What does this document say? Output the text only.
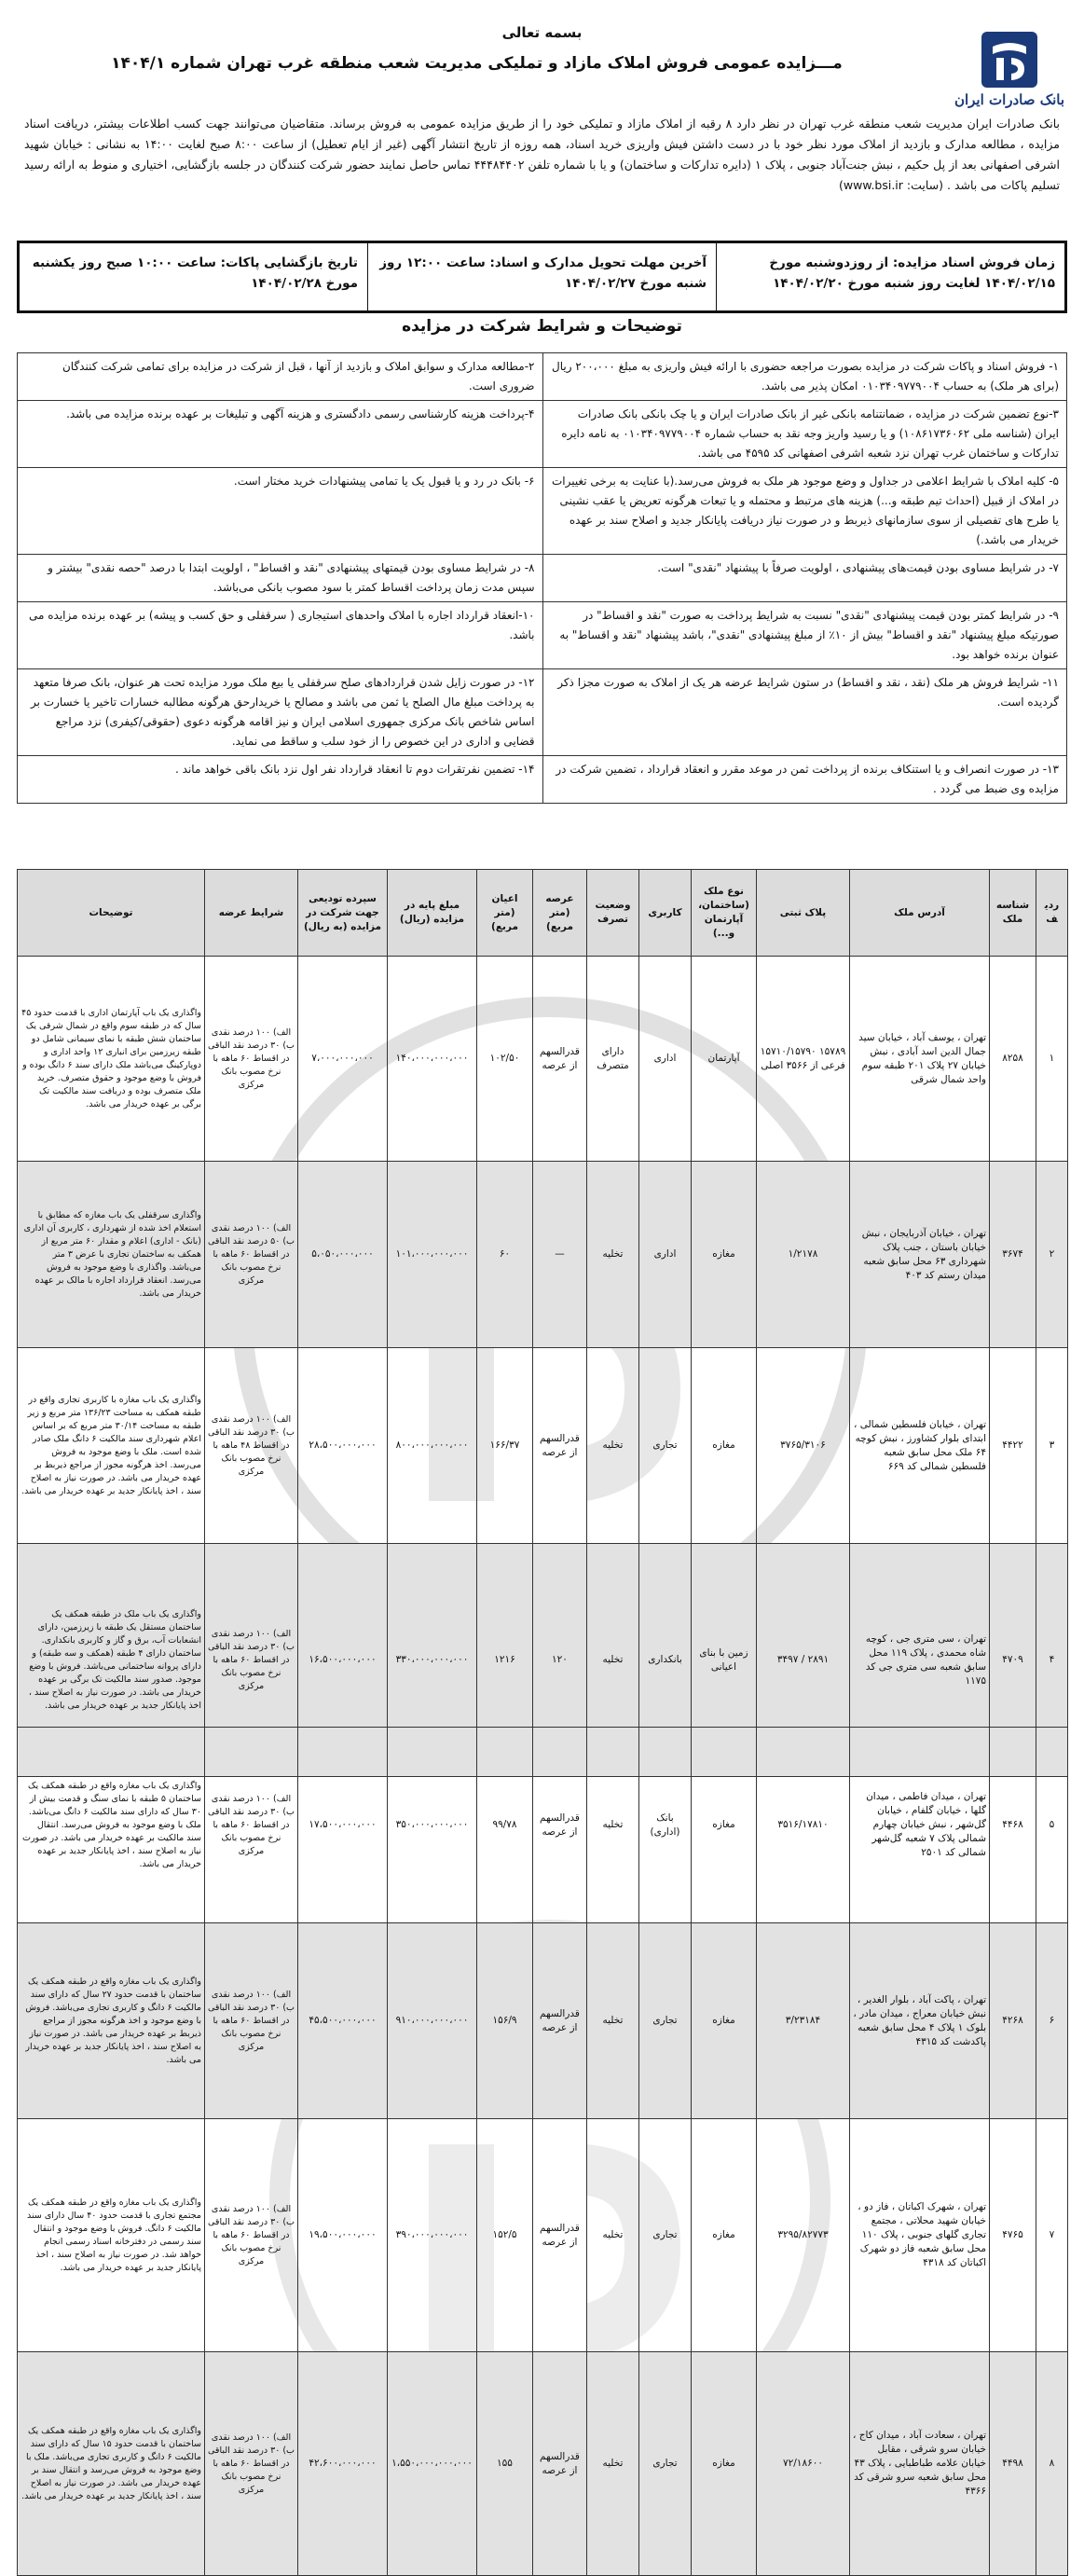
بانک صادرات ایران
بسمه تعالی
مـــزایده عمومی فروش املاک مازاد و تملیکی مدیریت شعب منطقه غرب تهران شماره ۱۴۰۴/۱
بانک صادرات ایران مدیریت شعب منطقه غرب تهران در نظر دارد ۸ رقبه از املاک مازاد و تملیکی خود را از طریق مزایده عمومی به فروش برساند. متقاضیان می‌توانند جهت کسب اطلاعات بیشتر، دریافت اسناد مزایده ، مطالعه مدارک و بازدید از املاک مورد نظر خود با در دست داشتن فیش واریزی خرید اسناد، همه روزه از تاریخ انتشار آگهی (غیر از ایام تعطیل) از ساعت ۸:۰۰ صبح لغایت ۱۴:۰۰ به نشانی : خیابان شهید اشرفی اصفهانی بعد از پل حکیم ، نبش جنت‌آباد جنوبی ، پلاک ۱ (دایره تدارکات و ساختمان) و یا با شماره تلفن ۴۴۴۸۴۴۰۲ تماس حاصل نمایند حضور شرکت کنندگان در جلسه بازگشایی، اختیاری و منوط به ارائه رسید تسلیم پاکات می باشد . (سایت: www.bsi.ir)
زمان فروش اسناد مزایده: از روزدوشنبه مورخ ۱۴۰۴/۰۲/۱۵ لغایت روز شنبه مورخ ۱۴۰۴/۰۲/۲۰
آخرین مهلت تحویل مدارک و اسناد: ساعت ۱۲:۰۰ روز شنبه مورخ ۱۴۰۴/۰۲/۲۷
تاریخ بازگشایی پاکات: ساعت ۱۰:۰۰ صبح روز یکشنبه مورخ ۱۴۰۴/۰۲/۲۸
توضیحات و شرایط شرکت در مزایده
۱- فروش اسناد و پاکات شرکت در مزایده بصورت مراجعه حضوری با ارائه فیش واریزی به مبلغ ۲۰۰،۰۰۰ ریال (برای هر ملک) به حساب ۰۱۰۳۴۰۹۷۷۹۰۰۴ امکان پذیر می باشد.
۲-مطالعه مدارک و سوابق املاک و بازدید از آنها ، قبل از شرکت در مزایده برای تمامی شرکت کنندگان ضروری است.
۳-نوع تضمین شرکت در مزایده ، ضمانتنامه بانکی غیر از بانک صادرات ایران و یا چک بانکی بانک صادرات ایران (شناسه ملی ۱۰۸۶۱۷۳۶۰۶۲) و یا رسید واریز وجه نقد به حساب شماره ۰۱۰۳۴۰۹۷۷۹۰۰۴ به نامه دایره تدارکات و ساختمان غرب تهران نزد شعبه اشرفی اصفهانی کد ۴۵۹۵ می باشد.
۴-پرداخت هزینه کارشناسی رسمی دادگستری و هزینه آگهی و تبلیغات بر عهده برنده مزایده می باشد.
۵- کلیه املاک با شرایط اعلامی در جداول و وضع موجود هر ملک به فروش می‌رسد.(با عنایت به برخی تغییرات در املاک از قبیل (احداث تیم طبقه و...) هزینه های مرتبط و محتمله و یا تبعات هرگونه تعریض یا عقب نشینی یا طرح های تفصیلی از سوی سازمانهای ذیربط و در صورت نیاز دریافت پایانکار جدید و اصلاح سند بر عهده خریدار می باشد.)
۶- بانک در رد و یا قبول یک یا تمامی پیشنهادات خرید مختار است.
۷- در شرایط مساوی بودن قیمت‌های پیشنهادی ، اولویت صرفاً با پیشنهاد "نقدی" است.
۸- در شرایط مساوی بودن قیمتهای پیشنهادی "نقد و اقساط" ، اولویت ابتدا با درصد "حصه نقدی" بیشتر و سپس مدت زمان پرداخت اقساط کمتر با سود مصوب بانکی می‌باشد.
۹- در شرایط کمتر بودن قیمت پیشنهادی "نقدی" نسبت به شرایط پرداخت به صورت "نقد و اقساط" در صورتیکه مبلغ پیشنهاد "نقد و اقساط" بیش از ۱۰٪ از مبلغ پیشنهادی "نقدی"، باشد پیشنهاد "نقد و اقساط" به عنوان برنده خواهد بود.
۱۰-انعقاد قرارداد اجاره با املاک واحدهای استیجاری ( سرقفلی و حق کسب و پیشه) بر عهده برنده مزایده می باشد.
۱۱- شرایط فروش هر ملک (نقد ، نقد و اقساط) در ستون شرایط عرضه هر یک از املاک به صورت مجزا ذکر گردیده است.
۱۲- در صورت زایل شدن قراردادهای صلح سرقفلی یا بیع ملک مورد مزایده تحت هر عنوان، بانک صرفا متعهد به پرداخت مبلغ مال الصلح یا ثمن می باشد و مصالح یا خریدارحق هرگونه مطالبه خسارات تاخیر یا خسارت بر اساس شاخص بانک مرکزی جمهوری اسلامی ایران و نیز اقامه هرگونه دعوی (حقوقی/کیفری) نزد مراجع قضایی و اداری در این خصوص را از خود سلب و ساقط می نماید.
۱۳- در صورت انصراف و یا استنکاف برنده از پرداخت ثمن در موعد مقرر و انعقاد قرارداد ، تضمین شرکت در مزایده وی ضبط می گردد .
۱۴- تضمین نفرتقرات دوم تا انعقاد قرارداد نفر اول نزد بانک باقی خواهد ماند .
ردیف	شناسه ملک	آدرس ملک	پلاک ثبتی	نوع ملک (ساختمان، آپارتمان و...)	کاربری	وضعیت تصرف	عرصه (متر مربع)	اعیان (متر مربع)	مبلغ پایه در مزایده (ریال)	سپرده تودیعی جهت شرکت در مزایده (به ریال)	شرایط عرضه	توضیحات
۱	۸۲۵۸	تهران ، یوسف آباد ، خیابان سید جمال الدین اسد آبادی ، نبش خیابان ۲۷ پلاک ۲۰۱ طبقه سوم واحد شمال شرقی	۱۵۷۸۹ ۱۵۷۱۰/۱۵۷۹۰ فرعی از ۳۵۶۶ اصلی	آپارتمان	اداری	دارای متصرف	قدرالسهم از عرصه	۱۰۲/۵۰	۱۴۰،۰۰۰،۰۰۰،۰۰۰	۷،۰۰۰،۰۰۰،۰۰۰	الف) ۱۰۰ درصد نقدی ب) ۳۰ درصد نقد الباقی در اقساط ۶۰ ماهه با نرخ مصوب بانک مرکزی	واگذاری یک باب آپارتمان اداری با قدمت حدود ۴۵ سال که در طبقه سوم واقع در شمال شرقی یک ساختمان شش طبقه با نمای سیمانی شامل دو طبقه زیرزمین برای انباری ۱۲ واحد اداری و دوپارکینگ می‌باشد ملک دارای سند ۶ دانگ بوده و فروش با وضع موجود و حقوق متصرف. خرید ملک متصرف بوده و دریافت سند مالکیت تک برگی بر عهده خریدار می باشد.
۲	۳۶۷۴	تهران ، خیابان آذربایجان ، نبش خیابان باستان ، جنب پلاک شهرداری ۶۳ محل سابق شعبه میدان رستم کد ۴۰۳	۱/۲۱۷۸	مغازه	اداری	تخلیه	—	۶۰	۱۰۱،۰۰۰،۰۰۰،۰۰۰	۵،۰۵۰،۰۰۰،۰۰۰	الف) ۱۰۰ درصد نقدی ب) ۵۰ درصد نقد الباقی در اقساط ۶۰ ماهه با نرخ مصوب بانک مرکزی	واگذاری سرقفلی یک باب مغازه که مطابق با استعلام اخذ شده از شهرداری ، کاربری آن اداری (بانک - اداری) اعلام و مقدار ۶۰ متر مربع از همکف به ساختمان تجاری با عرض ۳ متر می‌باشد. واگذاری با وضع موجود به فروش می‌رسد. انعقاد قرارداد اجاره با مالک بر عهده خریدار می باشد.
۳	۴۴۲۲	تهران ، خیابان فلسطین شمالی ، ابتدای بلوار کشاورز ، نبش کوچه ۶۴ ملک محل سابق شعبه فلسطین شمالی کد ۶۶۹	۳۷۶۵/۳۱۰۶	مغازه	تجاری	تخلیه	قدرالسهم از عرصه	۱۶۶/۳۷	۸۰۰،۰۰۰،۰۰۰،۰۰۰	۲۸،۵۰۰،۰۰۰،۰۰۰	الف) ۱۰۰ درصد نقدی ب) ۳۰ درصد نقد الباقی در اقساط ۴۸ ماهه با نرخ مصوب بانک مرکزی	واگذاری یک باب مغازه با کاربری تجاری واقع در طبقه همکف به مساحت ۱۳۶/۲۳ متر مربع و زیر طبقه به مساحت ۳۰/۱۴ متر مربع که بر اساس اعلام شهرداری سند مالکیت ۶ دانگ ملک صادر شده است. ملک با وضع موجود به فروش می‌رسد. اخذ هرگونه مجوز از مراجع ذیربط بر عهده خریدار می باشد. در صورت نیاز به اصلاح سند ، اخذ پایانکار جدید بر عهده خریدار می باشد.
۴	۴۷۰۹	تهران ، سی متری جی ، کوچه شاه محمدی ، پلاک ۱۱۹ محل سابق شعبه سی متری جی کد ۱۱۷۵	۲۸۹۱ / ۳۴۹۷	زمین با بنای اعیانی	بانکداری	تخلیه	۱۲۰	۱۲۱۶	۳۳۰،۰۰۰،۰۰۰،۰۰۰	۱۶،۵۰۰،۰۰۰،۰۰۰	الف) ۱۰۰ درصد نقدی ب) ۳۰ درصد نقد الباقی در اقساط ۶۰ ماهه با نرخ مصوب بانک مرکزی	واگذاری یک باب ملک در طبقه همکف یک ساختمان مستقل یک طبقه با زیرزمین، دارای انشعابات آب، برق و گاز و کاربری بانکداری. ساختمان دارای ۴ طبقه (همکف و سه طبقه) و دارای پروانه ساختمانی می‌باشد. فروش با وضع موجود. صدور سند مالکیت تک برگی بر عهده خریدار می باشد. در صورت نیاز به اصلاح سند ، اخذ پایانکار جدید بر عهده خریدار می باشد.
۵	۴۴۶۸	تهران ، میدان فاطمی ، میدان گلها ، خیابان گلفام ، خیابان گل‌شهر ، نبش خیابان چهارم شمالی پلاک ۷ شعبه گل‌شهر شمالی کد ۲۵۰۱	۳۵۱۶/۱۷۸۱۰	مغازه	بانک (اداری)	تخلیه	قدرالسهم از عرصه	۹۹/۷۸	۳۵۰،۰۰۰،۰۰۰،۰۰۰	۱۷،۵۰۰،۰۰۰،۰۰۰	الف) ۱۰۰ درصد نقدی ب) ۳۰ درصد نقد الباقی در اقساط ۶۰ ماهه با نرخ مصوب بانک مرکزی	واگذاری یک باب مغازه واقع در طبقه همکف یک ساختمان ۵ طبقه با نمای سنگ و قدمت بیش از ۳۰ سال که دارای سند مالکیت ۶ دانگ می‌باشد. ملک با وضع موجود به فروش می‌رسد. انتقال سند مالکیت بر عهده خریدار می باشد. در صورت نیاز به اصلاح سند ، اخذ پایانکار جدید بر عهده خریدار می باشد.
۶	۴۲۶۸	تهران ، پاکت آباد ، بلوار الغدیر ، نبش خیابان معراج ، میدان مادر ، بلوک ۱ پلاک ۴ محل سابق شعبه پاکدشت کد ۴۳۱۵	۳/۲۳۱۸۴	مغازه	تجاری	تخلیه	قدرالسهم از عرصه	۱۵۶/۹	۹۱۰،۰۰۰،۰۰۰،۰۰۰	۴۵،۵۰۰،۰۰۰،۰۰۰	الف) ۱۰۰ درصد نقدی ب) ۳۰ درصد نقد الباقی در اقساط ۶۰ ماهه با نرخ مصوب بانک مرکزی	واگذاری یک باب مغازه واقع در طبقه همکف یک ساختمان با قدمت حدود ۲۷ سال که دارای سند مالکیت ۶ دانگ و کاربری تجاری می‌باشد. فروش با وضع موجود و اخذ هرگونه مجوز از مراجع ذیربط بر عهده خریدار می باشد. در صورت نیاز به اصلاح سند ، اخذ پایانکار جدید بر عهده خریدار می باشد.
۷	۴۷۶۵	تهران ، شهرک اکباتان ، فاز دو ، خیابان شهید محلاتی ، مجتمع تجاری گلهای جنوبی ، پلاک ۱۱۰ محل سابق شعبه فاز دو شهرک اکباتان کد ۴۳۱۸	۳۲۹۵/۸۲۷۷۳	مغازه	تجاری	تخلیه	قدرالسهم از عرصه	۱۵۲/۵	۳۹۰،۰۰۰،۰۰۰،۰۰۰	۱۹،۵۰۰،۰۰۰،۰۰۰	الف) ۱۰۰ درصد نقدی ب) ۳۰ درصد نقد الباقی در اقساط ۶۰ ماهه با نرخ مصوب بانک مرکزی	واگذاری یک باب مغازه واقع در طبقه همکف یک مجتمع تجاری با قدمت حدود ۴۰ سال دارای سند مالکیت ۶ دانگ. فروش با وضع موجود و انتقال سند رسمی در دفترخانه اسناد رسمی انجام خواهد شد. در صورت نیاز به اصلاح سند ، اخذ پایانکار جدید بر عهده خریدار می باشد.
۸	۴۴۹۸	تهران ، سعادت آباد ، میدان کاج ، خیابان سرو شرقی ، مقابل خیابان علامه طباطبایی ، پلاک ۴۳ محل سابق شعبه سرو شرقی کد ۴۳۶۶	۷۲/۱۸۶۰۰	مغازه	تجاری	تخلیه	قدرالسهم از عرصه	۱۵۵	۱،۵۵۰،۰۰۰،۰۰۰،۰۰۰	۴۲،۶۰۰،۰۰۰،۰۰۰	الف) ۱۰۰ درصد نقدی ب) ۳۰ درصد نقد الباقی در اقساط ۶۰ ماهه با نرخ مصوب بانک مرکزی	واگذاری یک باب مغازه واقع در طبقه همکف یک ساختمان با قدمت حدود ۱۵ سال که دارای سند مالکیت ۶ دانگ و کاربری تجاری می‌باشد. ملک با وضع موجود به فروش می‌رسد و انتقال سند بر عهده خریدار می باشد. در صورت نیاز به اصلاح سند ، اخذ پایانکار جدید بر عهده خریدار می باشد.
